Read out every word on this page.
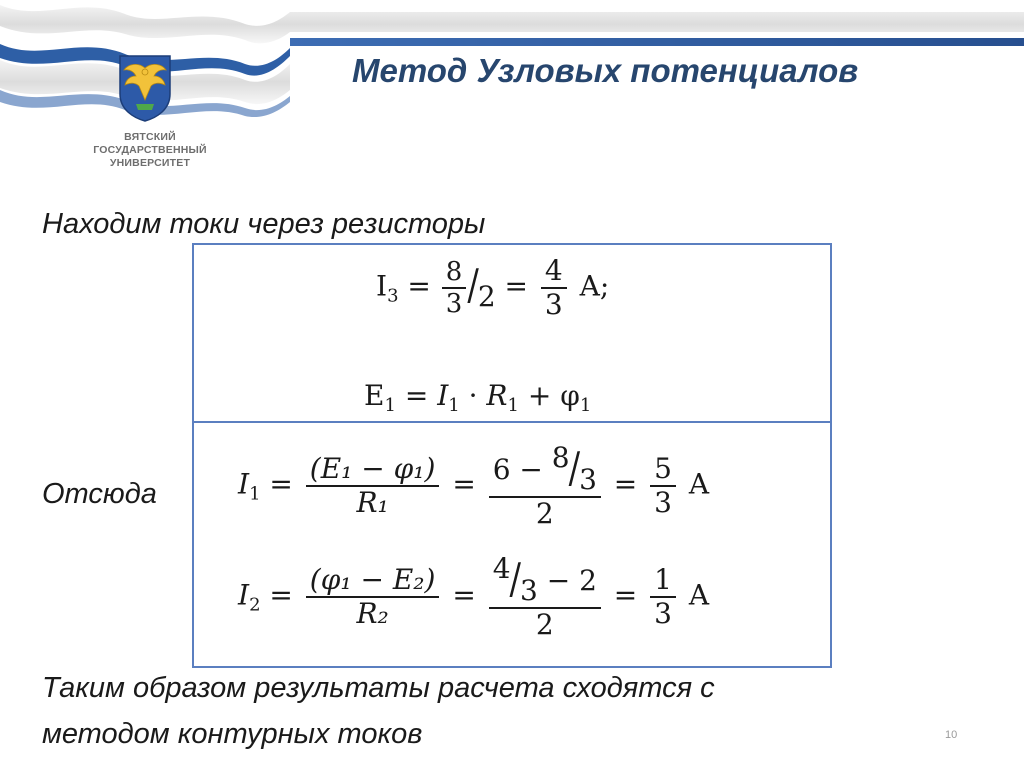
ВЯТСКИЙ
ГОСУДАРСТВЕННЫЙ
УНИВЕРСИТЕТ
Метод Узловых потенциалов
Находим токи через резисторы
$I_3 = \frac{8}{3} /2 = \frac{4}{3} A$;
$E_1 = I_1 \cdot R_1 + \varphi_1$
Отсюда	$I_1 = \frac{\text{(E₁ − φ₁)}}{\text{R₁}} = \frac{6 - 8/3}{2} = \frac{5}{3}$ A
$I_2 = \frac{\text{(φ₁ − E₂)}}{\text{R₂}} = \frac{4/3 - 2}{2} = \frac{1}{3}$ A
Таким образом результаты расчета сходятся с
методом контурных токов	10
